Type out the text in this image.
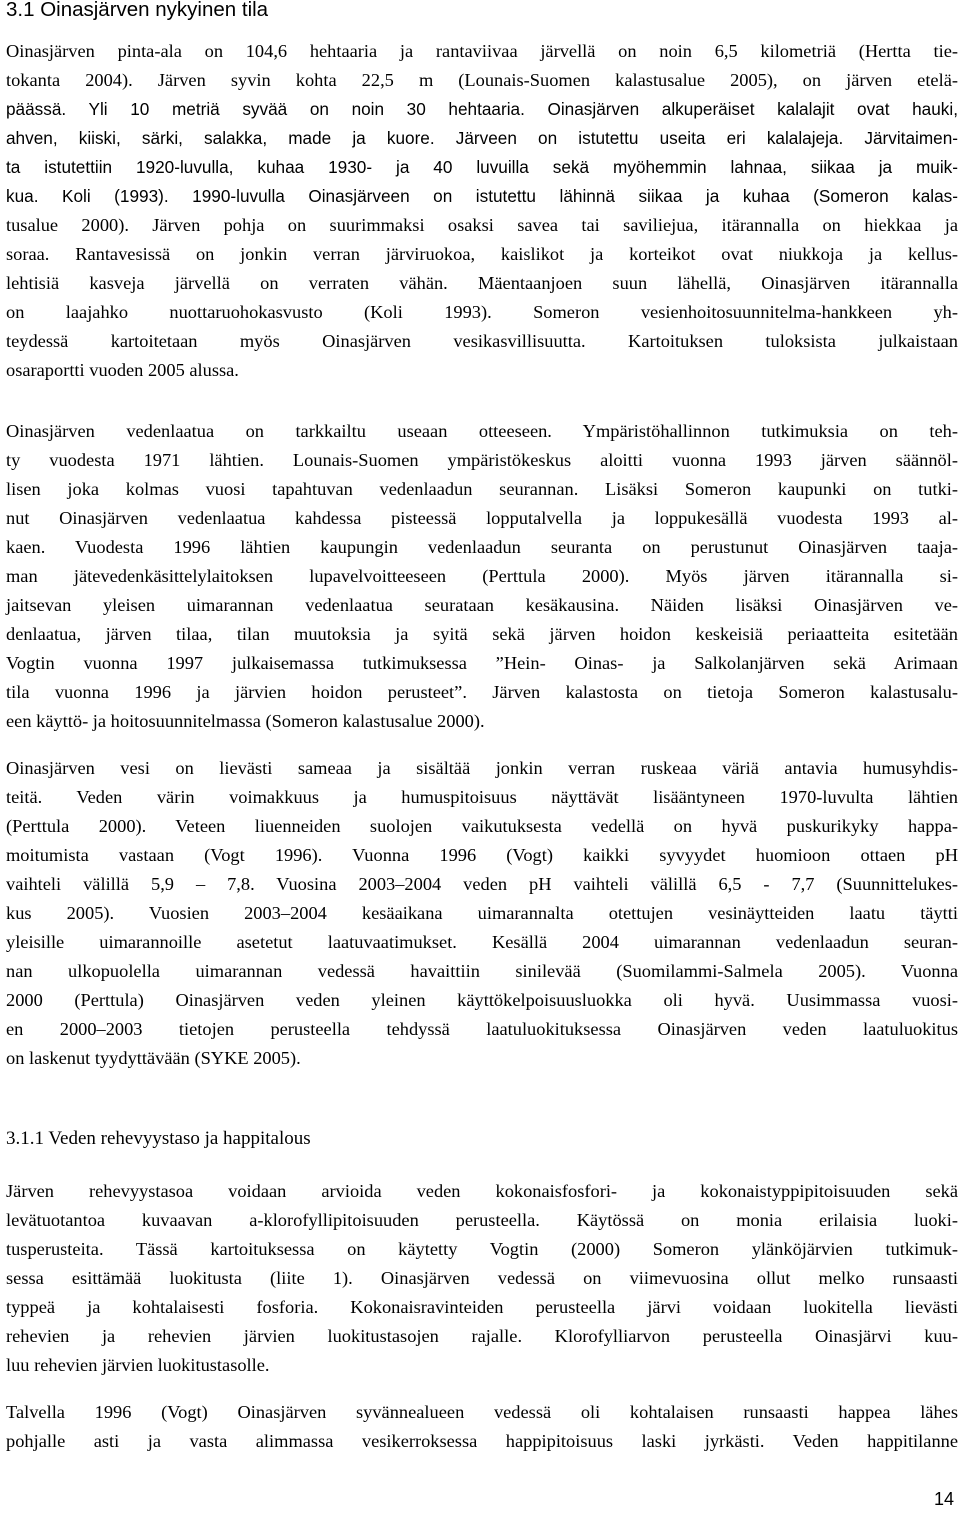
3.1 Oinasjärven nykyinen tila
Oinasjärven pinta-ala on 104,6 hehtaaria ja rantaviivaa järvellä on noin 6,5 kilometriä (Hertta tie-
tokanta 2004). Järven syvin kohta 22,5 m (Lounais-Suomen kalastusalue 2005), on järven etelä-
päässä. Yli 10 metriä syvää on noin 30 hehtaaria. Oinasjärven alkuperäiset kalalajit ovat hauki,
ahven, kiiski, särki, salakka, made ja kuore. Järveen on istutettu useita eri kalalajeja. Järvitaimen-
ta istutettiin 1920-luvulla, kuhaa 1930- ja 40 luvuilla sekä myöhemmin lahnaa, siikaa ja muik-
kua. Koli (1993). 1990-luvulla Oinasjärveen on istutettu lähinnä siikaa ja kuhaa (Someron kalas-
tusalue 2000). Järven pohja on suurimmaksi osaksi savea tai saviliejua, itärannalla on hiekkaa ja
soraa. Rantavesissä on jonkin verran järviruokoa, kaislikot ja korteikot ovat niukkoja ja kellus-
lehtisiä kasveja järvellä on verraten vähän. Mäentaanjoen suun lähellä, Oinasjärven itärannalla
on laajahko nuottaruohokasvusto (Koli 1993). Someron vesienhoitosuunnitelma-hankkeen yh-
teydessä kartoitetaan myös Oinasjärven vesikasvillisuutta. Kartoituksen tuloksista julkaistaan
osaraportti vuoden 2005 alussa.
Oinasjärven vedenlaatua on tarkkailtu useaan otteeseen. Ympäristöhallinnon tutkimuksia on teh-
ty vuodesta 1971 lähtien. Lounais-Suomen ympäristökeskus aloitti vuonna 1993 järven säännöl-
lisen joka kolmas vuosi tapahtuvan vedenlaadun seurannan. Lisäksi Someron kaupunki on tutki-
nut Oinasjärven vedenlaatua kahdessa pisteessä lopputalvella ja loppukesällä vuodesta 1993 al-
kaen. Vuodesta 1996 lähtien kaupungin vedenlaadun seuranta on perustunut Oinasjärven taaja-
man jätevedenkäsittelylaitoksen lupavelvoitteeseen (Perttula 2000). Myös järven itärannalla si-
jaitsevan yleisen uimarannan vedenlaatua seurataan kesäkausina. Näiden lisäksi Oinasjärven ve-
denlaatua, järven tilaa, tilan muutoksia ja syitä sekä järven hoidon keskeisiä periaatteita esitetään
Vogtin vuonna 1997 julkaisemassa tutkimuksessa ”Hein- Oinas- ja Salkolanjärven sekä Arimaan
tila vuonna 1996 ja järvien hoidon perusteet”. Järven kalastosta on tietoja Someron kalastusalu-
een käyttö- ja hoitosuunnitelmassa (Someron kalastusalue 2000).
Oinasjärven vesi on lievästi sameaa ja sisältää jonkin verran ruskeaa väriä antavia humusyhdis-
teitä. Veden värin voimakkuus ja humuspitoisuus näyttävät lisääntyneen 1970-luvulta lähtien
(Perttula 2000). Veteen liuenneiden suolojen vaikutuksesta vedellä on hyvä puskurikyky happa-
moitumista vastaan (Vogt 1996). Vuonna 1996 (Vogt) kaikki syvyydet huomioon ottaen pH
vaihteli välillä 5,9 – 7,8. Vuosina 2003–2004 veden pH vaihteli välillä 6,5 - 7,7 (Suunnittelukes-
kus 2005). Vuosien 2003–2004 kesäaikana uimarannalta otettujen vesinäytteiden laatu täytti
yleisille uimarannoille asetetut laatuvaatimukset. Kesällä 2004 uimarannan vedenlaadun seuran-
nan ulkopuolella uimarannan vedessä havaittiin sinilevää (Suomilammi-Salmela 2005). Vuonna
2000 (Perttula) Oinasjärven veden yleinen käyttökelpoisuusluokka oli hyvä. Uusimmassa vuosi-
en 2000–2003 tietojen perusteella tehdyssä laatuluokituksessa Oinasjärven veden laatuluokitus
on laskenut tyydyttävään (SYKE 2005).
3.1.1 Veden rehevyystaso ja happitalous
Järven rehevyystasoa voidaan arvioida veden kokonaisfosfori- ja kokonaistyppipitoisuuden sekä
levätuotantoa kuvaavan a-klorofyllipitoisuuden perusteella. Käytössä on monia erilaisia luoki-
tusperusteita. Tässä kartoituksessa on käytetty Vogtin (2000) Someron ylänköjärvien tutkimuk-
sessa esittämää luokitusta (liite 1). Oinasjärven vedessä on viimevuosina ollut melko runsaasti
typpeä ja kohtalaisesti fosforia. Kokonaisravinteiden perusteella järvi voidaan luokitella lievästi
rehevien ja rehevien järvien luokitustasojen rajalle. Klorofylliarvon perusteella Oinasjärvi kuu-
luu rehevien järvien luokitustasolle.
Talvella 1996 (Vogt) Oinasjärven syvännealueen vedessä oli kohtalaisen runsaasti happea lähes
pohjalle asti ja vasta alimmassa vesikerroksessa happipitoisuus laski jyrkästi. Veden happitilanne
14
